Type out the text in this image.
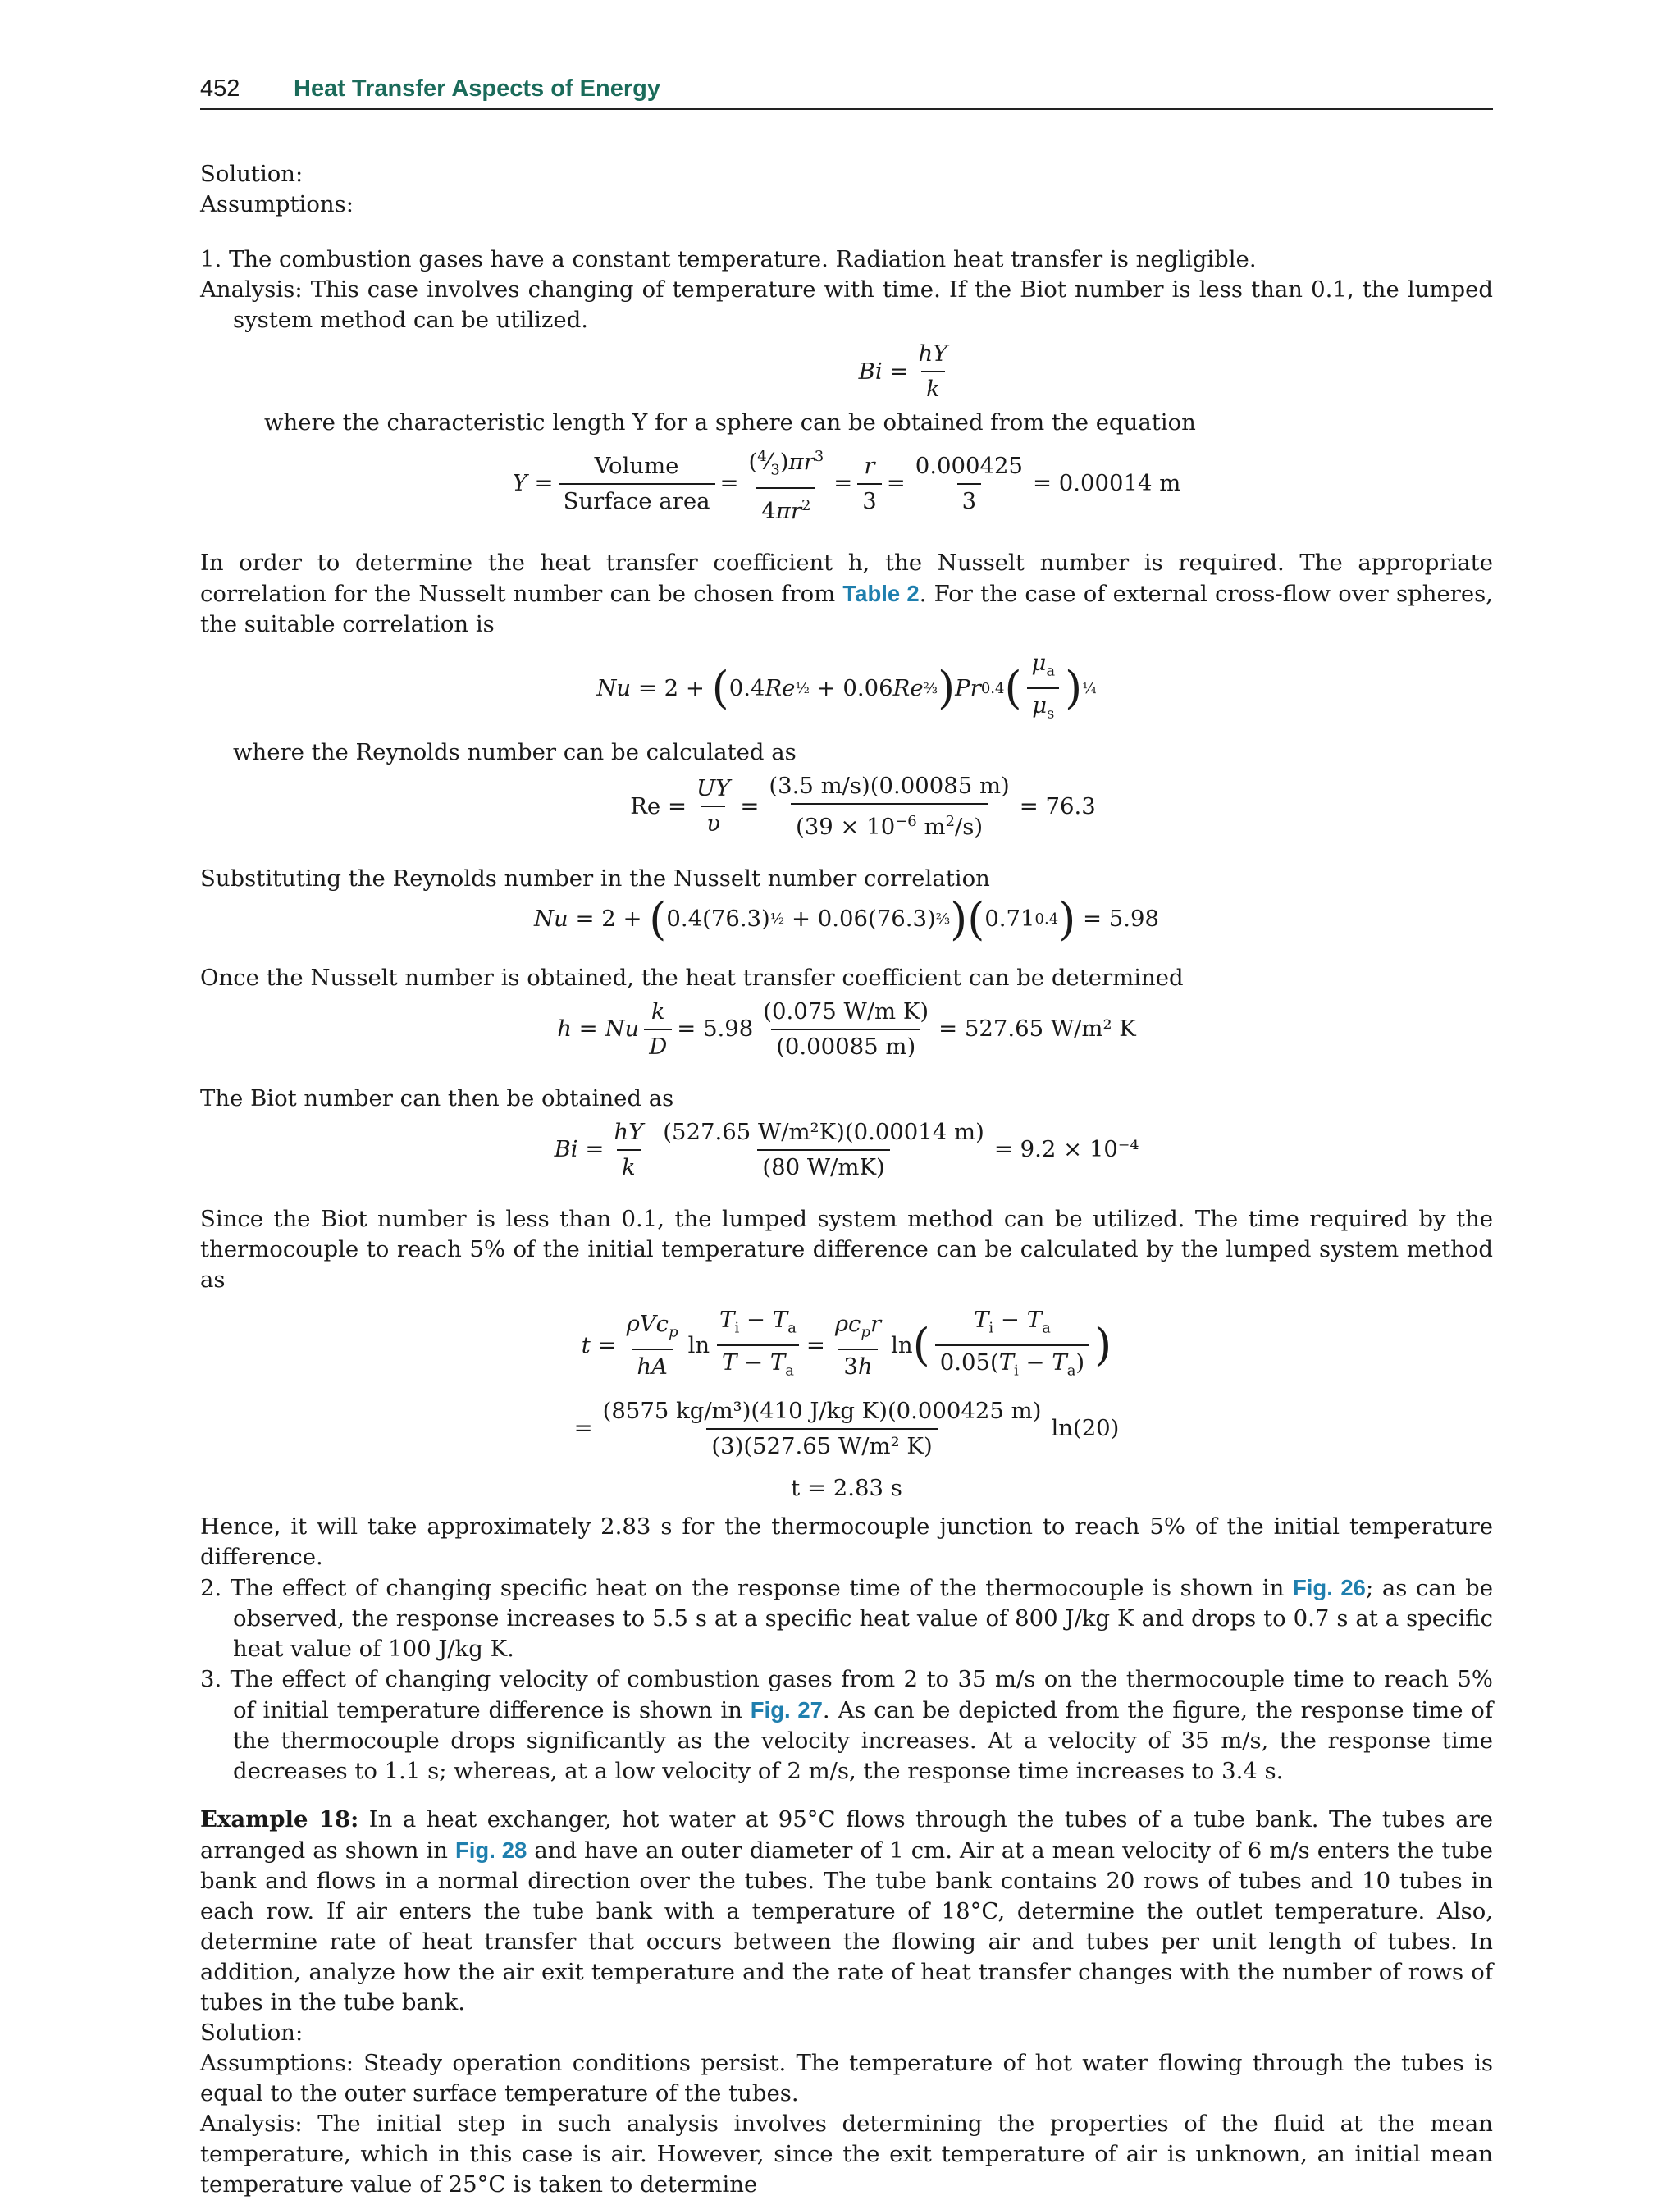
452 Heat Transfer Aspects of Energy

Solution:

Assumptions:

1. The combustion gases have a constant temperature. Radiation heat transfer is negligible.

Analysis: This case involves changing of temperature with time. If the Biot number is less than 0.1, the lumped system method can be utilized.

$Bi = \frac{hY}{k}$

where the characteristic length Y for a sphere can be obtained from the equation

$Y = \frac{\text{Volume}}{\text{Surface area}} = \frac{(^4⁄_3)\pi r^3}{4\pi r^2} = \frac{r}{3} = \frac{0.000425}{3} = 0.00014$ m

In order to determine the heat transfer coefficient h, the Nusselt number is required. The appropriate correlation for the Nusselt number can be chosen from Table 2. For the case of external cross-flow over spheres, the suitable correlation is

Nu = 2 + ( 0.4 Re ½ + 0.06 Re ⅔ ) Pr 0.4 ( $\frac{\mu_a}{\mu_s}$ ) ¼

where the Reynolds number can be calculated as

$Re = \frac{UY}{\upsilon} = \frac{(3.5 m/s)(0.00085 m)}{(39 \times 10^{-6} m^2/s)} = 76.3$

Substituting the Reynolds number in the Nusselt number correlation

Nu = 2 + ( 0.4(76.3) ½ + 0.06(76.3) ⅔ ) ( 0.71 0.4 )
= 5.98

Once the Nusselt number is obtained, the heat transfer coefficient can be determined

h = Nu $\frac{k}{D} = 5.98 \frac{\text{(0.075 W/m K)}}{(0.00085 m)} = 527.65$ W/m² K

The Biot number can then be obtained as

$Bi = \frac{hY}{k} \frac{\text{(527.65 W/m²K)(0.00014 m)}}{(80 W/mK)} = 9.2 \times 10^{-4}$

Since the Biot number is less than 0.1, the lumped system method can be utilized. The time required by the thermocouple to reach 5% of the initial temperature difference can be calculated by the lumped system method as

$t = \frac{\rho Vc_p}{hA}$ $\ln \frac{T_i - T_a}{T - T_a} = \frac{\rho c_pr}{3h}$ ln ( $\frac{T_i - T_a}{0.05(T_i - T_a)}$ )
= $\frac{\text{(8575 kg/m³)(410 J/kg K)(0.000425 m)}}{\text{(3)(527.65 W/m² K)}} \ln(20)$
t = 2.83 s

Hence, it will take approximately 2.83 s for the thermocouple junction to reach 5% of the initial temperature difference.

2. The effect of changing specific heat on the response time of the thermocouple is shown in Fig. 26; as can be observed, the response increases to 5.5 s at a specific heat value of 800 J/kg K and drops to 0.7 s at a specific heat value of 100 J/kg K.

3. The effect of changing velocity of combustion gases from 2 to 35 m/s on the thermocouple time to reach 5% of initial temperature difference is shown in Fig. 27. As can be depicted from the figure, the response time of the thermocouple drops significantly as the velocity increases. At a velocity of 35 m/s, the response time decreases to 1.1 s; whereas, at a low velocity of 2 m/s, the response time increases to 3.4 s.

Example 18: In a heat exchanger, hot water at 95°C flows through the tubes of a tube bank. The tubes are arranged as shown in Fig. 28 and have an outer diameter of 1 cm. Air at a mean velocity of 6 m/s enters the tube bank and flows in a normal direction over the tubes. The tube bank contains 20 rows of tubes and 10 tubes in each row. If air enters the tube bank with a temperature of 18°C, determine the outlet temperature. Also, determine rate of heat transfer that occurs between the flowing air and tubes per unit length of tubes. In addition, analyze how the air exit temperature and the rate of heat transfer changes with the number of rows of tubes in the tube bank.

Solution:

Assumptions: Steady operation conditions persist. The temperature of hot water flowing through the tubes is equal to the outer surface temperature of the tubes.

Analysis: The initial step in such analysis involves determining the properties of the fluid at the mean temperature, which in this case is air. However, since the exit temperature of air is unknown, an initial mean temperature value of 25°C is taken to determine
